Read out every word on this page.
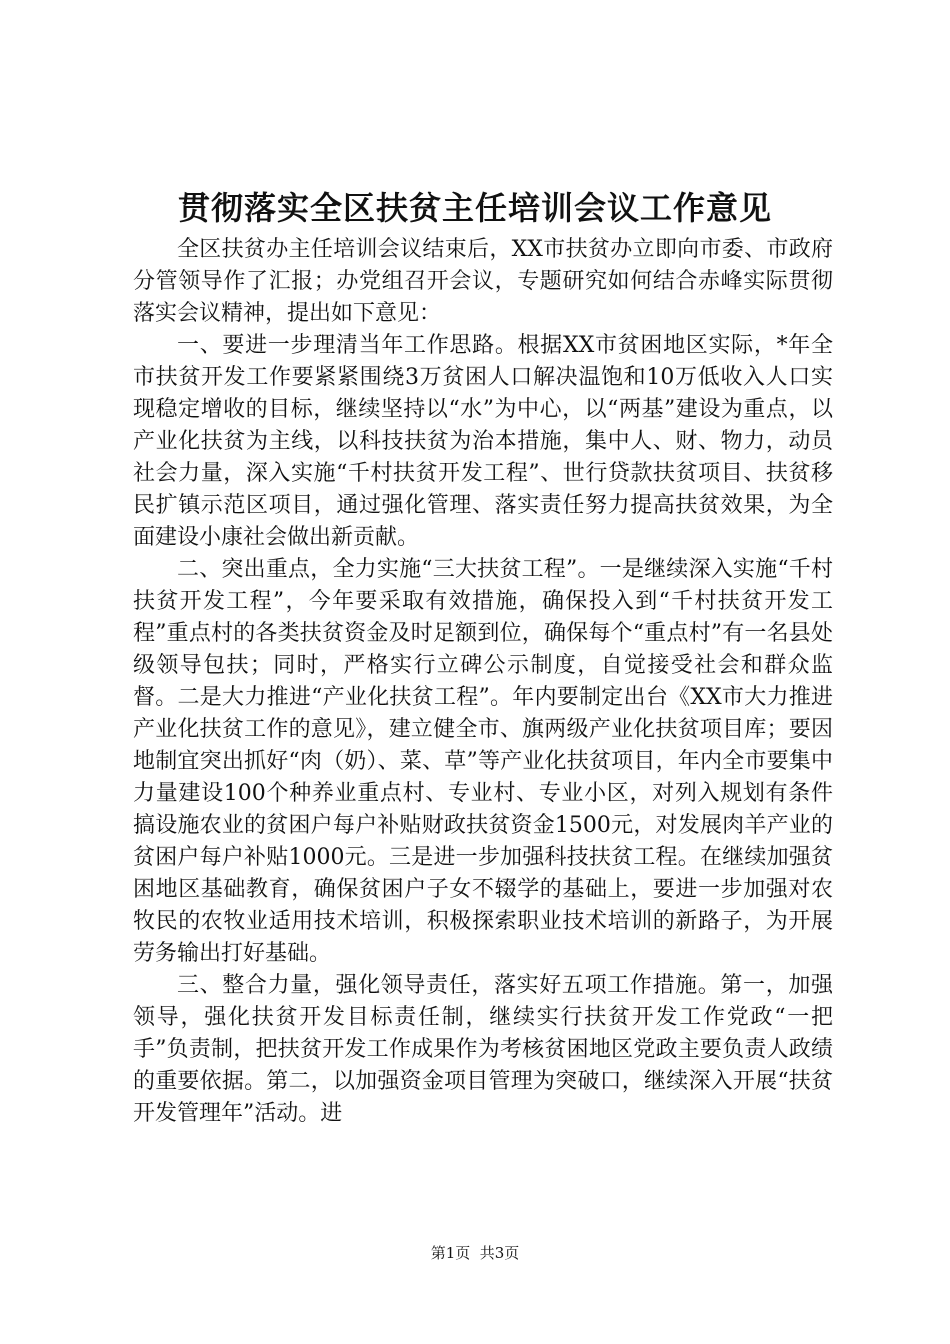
贯彻落实全区扶贫主任培训会议工作意见

全区扶贫办主任培训会议结束后，XX市扶贫办立即向市委、市政府分管领导作了汇报；办党组召开会议，专题研究如何结合赤峰实际贯彻落实会议精神，提出如下意见：

一、要进一步理清当年工作思路。根据XX市贫困地区实际，*年全市扶贫开发工作要紧紧围绕3万贫困人口解决温饱和10万低收入人口实现稳定增收的目标，继续坚持以“水”为中心，以“两基”建设为重点，以产业化扶贫为主线，以科技扶贫为治本措施，集中人、财、物力，动员社会力量，深入实施“千村扶贫开发工程”、世行贷款扶贫项目、扶贫移民扩镇示范区项目，通过强化管理、落实责任努力提高扶贫效果，为全面建设小康社会做出新贡献。

二、突出重点，全力实施“三大扶贫工程”。一是继续深入实施“千村扶贫开发工程”，今年要采取有效措施，确保投入到“千村扶贫开发工程”重点村的各类扶贫资金及时足额到位，确保每个“重点村”有一名县处级领导包扶；同时，严格实行立碑公示制度，自觉接受社会和群众监督。二是大力推进“产业化扶贫工程”。年内要制定出台《XX市大力推进产业化扶贫工作的意见》，建立健全市、旗两级产业化扶贫项目库；要因地制宜突出抓好“肉（奶）、菜、草”等产业化扶贫项目，年内全市要集中力量建设100个种养业重点村、专业村、专业小区，对列入规划有条件搞设施农业的贫困户每户补贴财政扶贫资金1500元，对发展肉羊产业的贫困户每户补贴1000元。三是进一步加强科技扶贫工程。在继续加强贫困地区基础教育，确保贫困户子女不辍学的基础上，要进一步加强对农牧民的农牧业适用技术培训，积极探索职业技术培训的新路子，为开展劳务输出打好基础。

三、整合力量，强化领导责任，落实好五项工作措施。第一，加强领导，强化扶贫开发目标责任制，继续实行扶贫开发工作党政“一把手”负责制，把扶贫开发工作成果作为考核贫困地区党政主要负责人政绩的重要依据。第二，以加强资金项目管理为突破口，继续深入开展“扶贫开发管理年”活动。进

第1页  共3页
